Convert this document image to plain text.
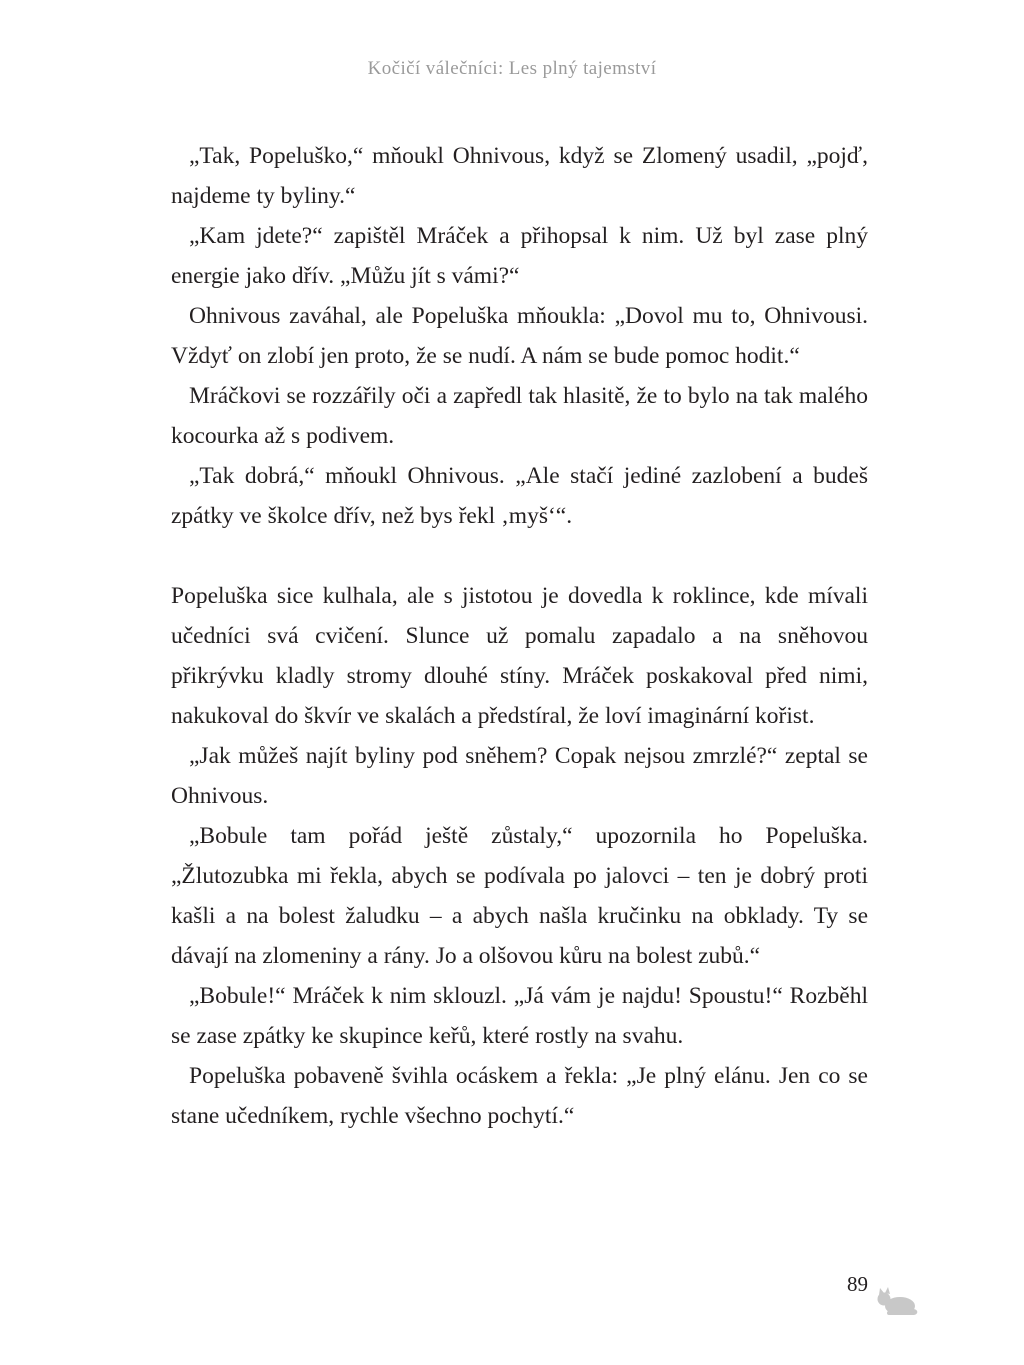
Kočičí válečníci: Les plný tajemství

„Tak, Popeluško,“ mňoukl Ohnivous, když se Zlomený usadil, „pojď, najdeme ty byliny.“

„Kam jdete?“ zapištěl Mráček a přihopsal k nim. Už byl zase plný energie jako dřív. „Můžu jít s vámi?“

Ohnivous zaváhal, ale Popeluška mňoukla: „Dovol mu to, Ohnivousi. Vždyť on zlobí jen proto, že se nudí. A nám se bude pomoc hodit.“

Mráčkovi se rozzářily oči a zapředl tak hlasitě, že to bylo na tak malého kocourka až s podivem.

„Tak dobrá,“ mňoukl Ohnivous. „Ale stačí jediné zazlobení a budeš zpátky ve školce dřív, než bys řekl ‚myš‘“.

Popeluška sice kulhala, ale s jistotou je dovedla k roklince, kde mívali učedníci svá cvičení. Slunce už pomalu zapadalo a na sněhovou přikrývku kladly stromy dlouhé stíny. Mráček poskakoval před nimi, nakukoval do škvír ve skalách a předstíral, že loví imaginární kořist.

„Jak můžeš najít byliny pod sněhem? Copak nejsou zmrzlé?“ zeptal se Ohnivous.

„Bobule tam pořád ještě zůstaly,“ upozornila ho Popeluška. „Žlutozubka mi řekla, abych se podívala po jalovci – ten je dobrý proti kašli a na bolest žaludku – a abych našla kručinku na obklady. Ty se dávají na zlomeniny a rány. Jo a olšovou kůru na bolest zubů.“

„Bobule!“ Mráček k nim sklouzl. „Já vám je najdu! Spoustu!“ Rozběhl se zase zpátky ke skupince keřů, které rostly na svahu.

Popeluška pobaveně švihla ocáskem a řekla: „Je plný elánu. Jen co se stane učedníkem, rychle všechno pochytí.“

89
